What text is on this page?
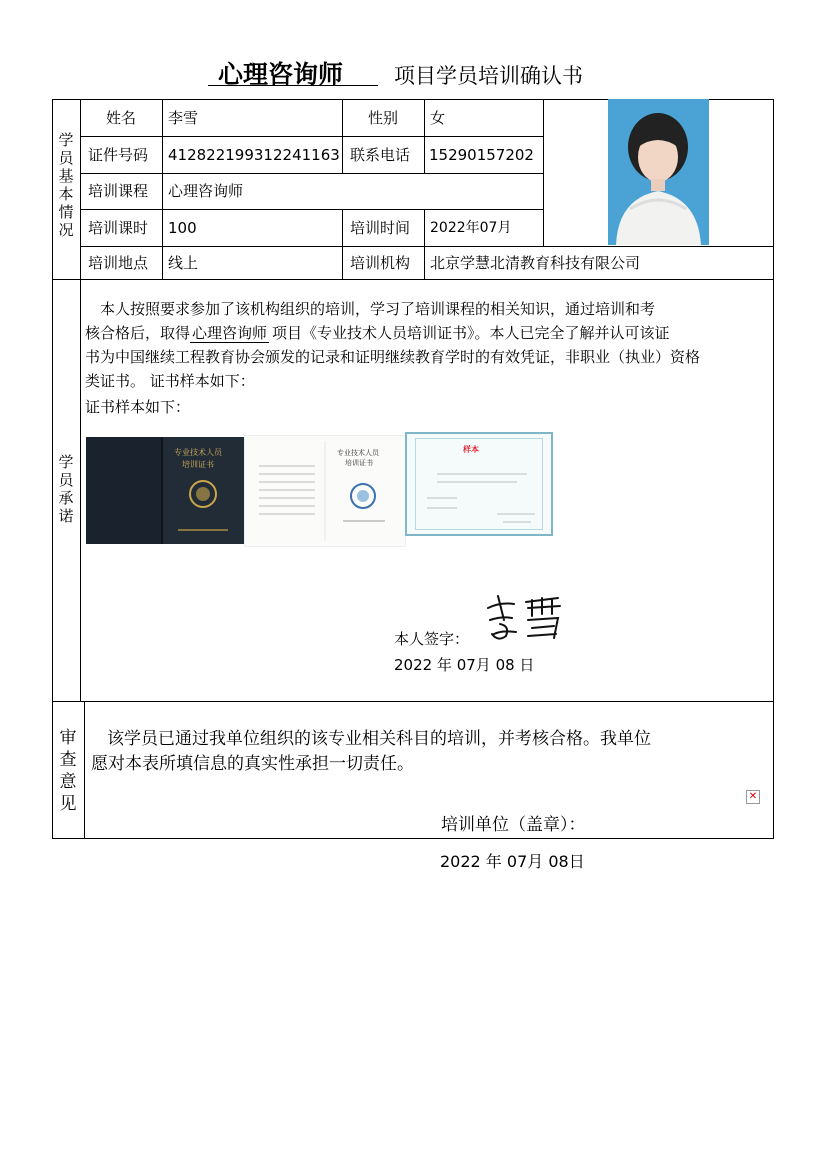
心理咨询师 项目学员培训确认书
学员基本情况
学员承诺
审查意见
姓名 李雪	性别 女
证件号码 412822199312241163 联系电话 15290157202
培训课程 心理咨询师
培训课时 100	培训时间 2022年07月
培训地点 线上	培训机构 北京学慧北清教育科技有限公司
本人按照要求参加了该机构组织的培训，学习了培训课程的相关知识，通过培训和考
核合格后，取得 心理咨询师 项目《专业技术人员培训证书》。本人已完全了解并认可该证
书为中国继续工程教育协会颁发的记录和证明继续教育学时的有效凭证，非职业（执业）资格
类证书。 证书样本如下：
证书样本如下：
专业技术人员
培训证书
专业技术人员
培训证书
样本
本人签字：
2022 年 07月 08 日
该学员已通过我单位组织的该专业相关科目的培训，并考核合格。我单位
愿对本表所填信息的真实性承担一切责任。
✕
培训单位（盖章）：
2022 年 07月 08日
